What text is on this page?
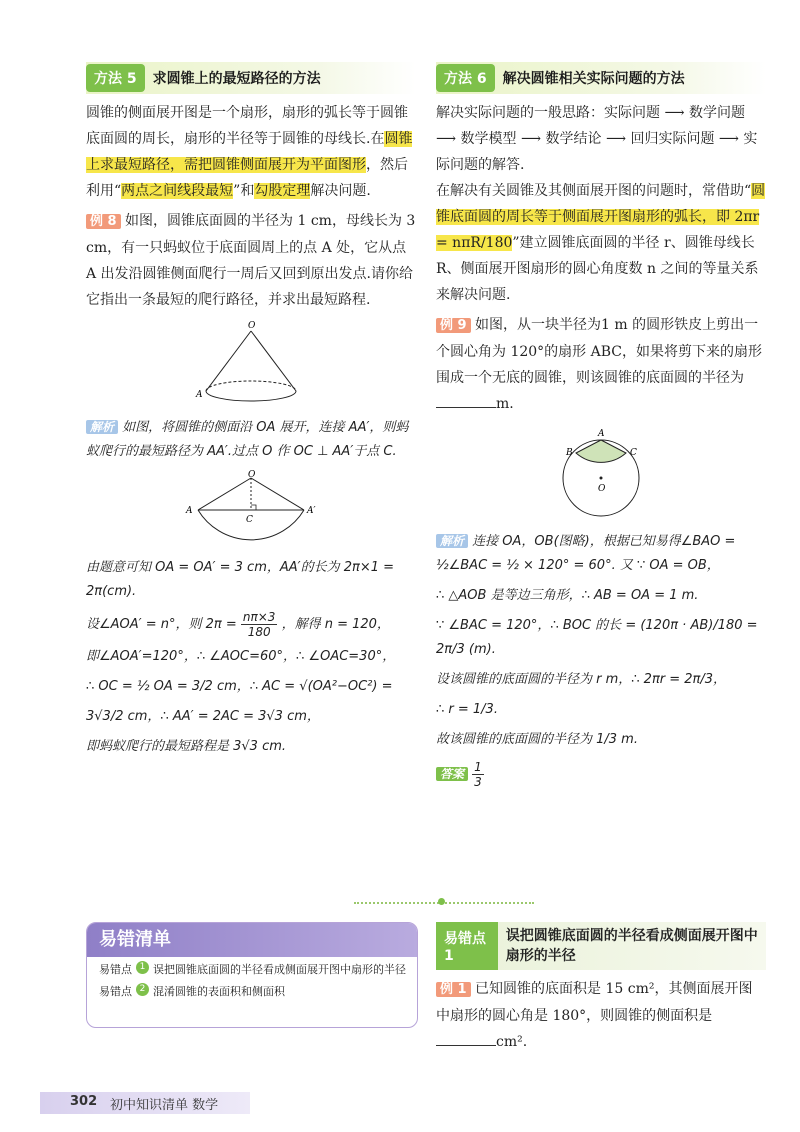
方法 5	求圆锥上的最短路径的方法

圆锥的侧面展开图是一个扇形，扇形的弧长等于圆锥底面圆的周长，扇形的半径等于圆锥的母线长.在圆锥上求最短路径，需把圆锥侧面展开为平面图形，然后利用“两点之间线段最短”和勾股定理解决问题.

例 8 如图，圆锥底面圆的半径为 1 cm，母线长为 3 cm，有一只蚂蚁位于底面圆周上的点 A 处，它从点 A 出发沿圆锥侧面爬行一周后又回到原出发点.请你给它指出一条最短的爬行路径，并求出最短路程.

O
A

解析 如图，将圆锥的侧面沿 OA 展开，连接 AA′，则蚂蚁爬行的最短路径为 AA′.过点 O 作 OC ⊥ AA′于点 C.

O
A	A′
C

由题意可知 OA = OA′ = 3 cm，AA′的长为 2π×1 = 2π(cm).

设∠AOA′ = n°，则 $2\pi = \frac{n\pi\times 3}{180}$ ，解得 n = 120，

即∠AOA′=120°，∴ ∠AOC=60°，∴ ∠OAC=30°，

∴ OC = ½ OA = 3/2 cm，∴ AC = √(OA²−OC²) =

3√3/2 cm，∴ AA′ = 2AC = 3√3 cm，

即蚂蚁爬行的最短路程是 3√3 cm.

方法 6	解决圆锥相关实际问题的方法

解决实际问题的一般思路：实际问题 ⟶ 数学问题 ⟶ 数学模型 ⟶ 数学结论 ⟶ 回归实际问题 ⟶ 实际问题的解答.

在解决有关圆锥及其侧面展开图的问题时，常借助“圆锥底面圆的周长等于侧面展开图扇形的弧长，即 2πr = nπR/180”建立圆锥底面圆的半径 r、圆锥母线长 R、侧面展开图扇形的圆心角度数 n 之间的等量关系来解决问题.

例 9 如图，从一块半径为1 m 的圆形铁皮上剪出一个圆心角为 120°的扇形 ABC，如果将剪下来的扇形围成一个无底的圆锥，则该圆锥的底面圆的半径为m.

A
B	C
O

解析 连接 OA，OB(图略)，根据已知易得∠BAO = ½∠BAC = ½ × 120° = 60°. 又 ∵ OA = OB，

∴ △AOB 是等边三角形，∴ AB = OA = 1 m.

∵ ∠BAC = 120°，∴ BOC 的长 = (120π · AB)/180 = 2π/3 (m).

设该圆锥的底面圆的半径为 r m，∴ 2πr = 2π/3，

∴ r = 1/3.

故该圆锥的底面圆的半径为 1/3 m.

答案 $\frac{1}{3}$

易错清单
易错点 1 误把圆锥底面圆的半径看成侧面展开图中扇形的半径
易错点 2 混淆圆锥的表面积和侧面积
易错点 1
误把圆锥底面圆的半径看成侧面展开图中扇形的半径

例 1 已知圆锥的底面积是 15 cm²，其侧面展开图中扇形的圆心角是 180°，则圆锥的侧面积是
cm².

302 初中知识清单 数学
